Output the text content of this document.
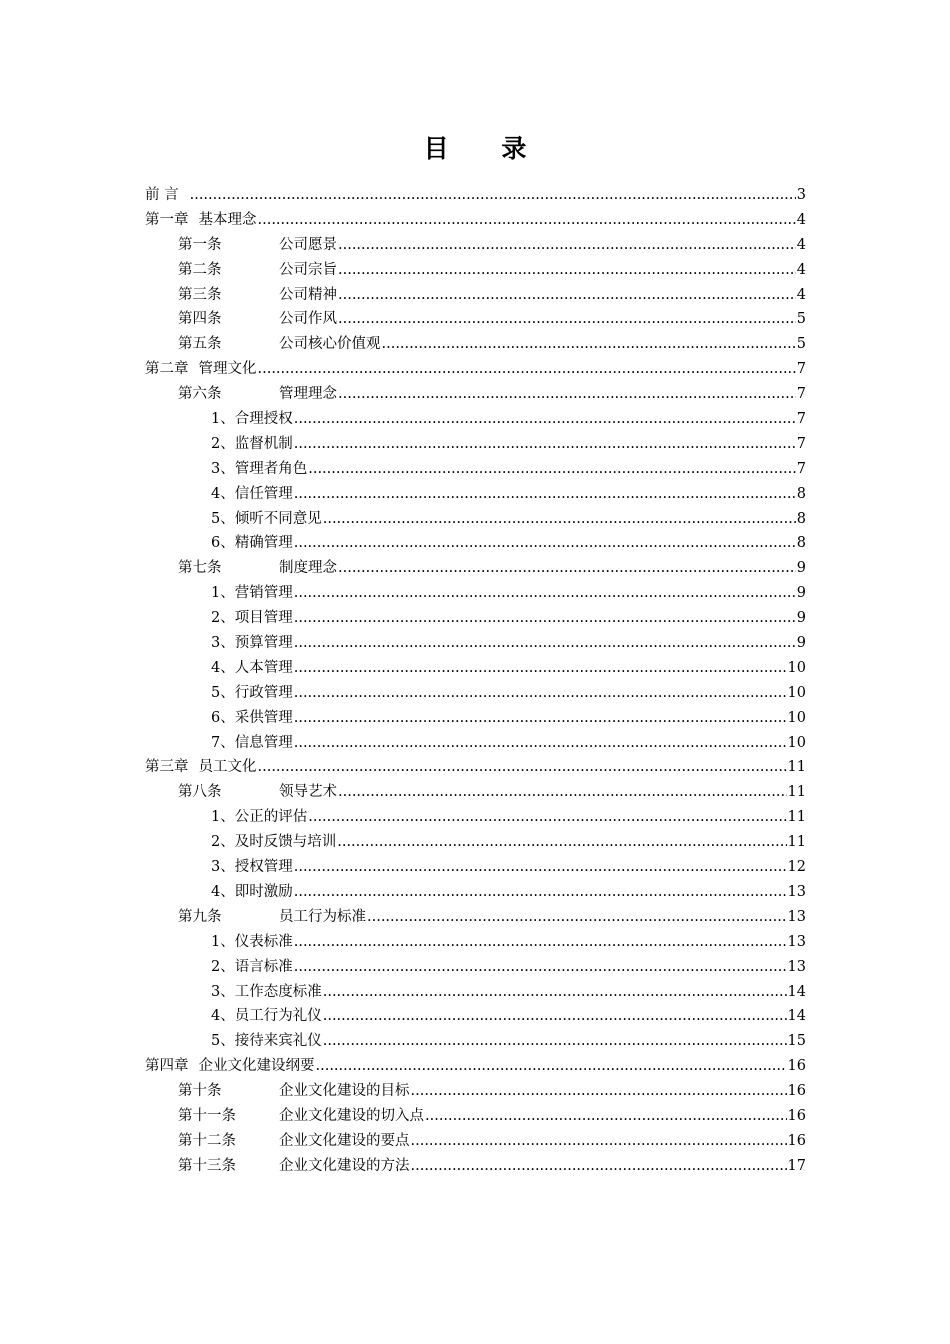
目 录
前 言 .....	3
第一章 基本理念 .....	4
第一条	公司愿景 .....	4
第二条	公司宗旨 .....	4
第三条	公司精神 .....	4
第四条	公司作风 .....	5
第五条	公司核心价值观 .....	5
第二章 管理文化 .....	7
第六条	管理理念 .....	7
1、 合理授权 .....	7
2、 监督机制 .....	7
3、 管理者角色 .....	7
4、 信任管理 .....	8
5、 倾听不同意见 .....	8
6、 精确管理 .....	8
第七条	制度理念 .....	9
1、 营销管理 .....	9
2、 项目管理 .....	9
3、 预算管理 .....	9
4、 人本管理 .....	10
5、 行政管理 .....	10
6、 采供管理 .....	10
7、 信息管理 .....	10
第三章 员工文化 .....	11
第八条	领导艺术 .....	11
1、 公正的评估 .....	11
2、 及时反馈与培训 .....	11
3、 授权管理 .....	12
4、 即时激励 .....	13
第九条	员工行为标准 .....	13
1、 仪表标准 .....	13
2、 语言标准 .....	13
3、 工作态度标准 .....	14
4、 员工行为礼仪 .....	14
5、 接待来宾礼仪 .....	15
第四章 企业文化建设纲要 .....	16
第十条	企业文化建设的目标 .....	16
第十一条	企业文化建设的切入点 .....	16
第十二条	企业文化建设的要点 .....	16
第十三条	企业文化建设的方法 .....	17
